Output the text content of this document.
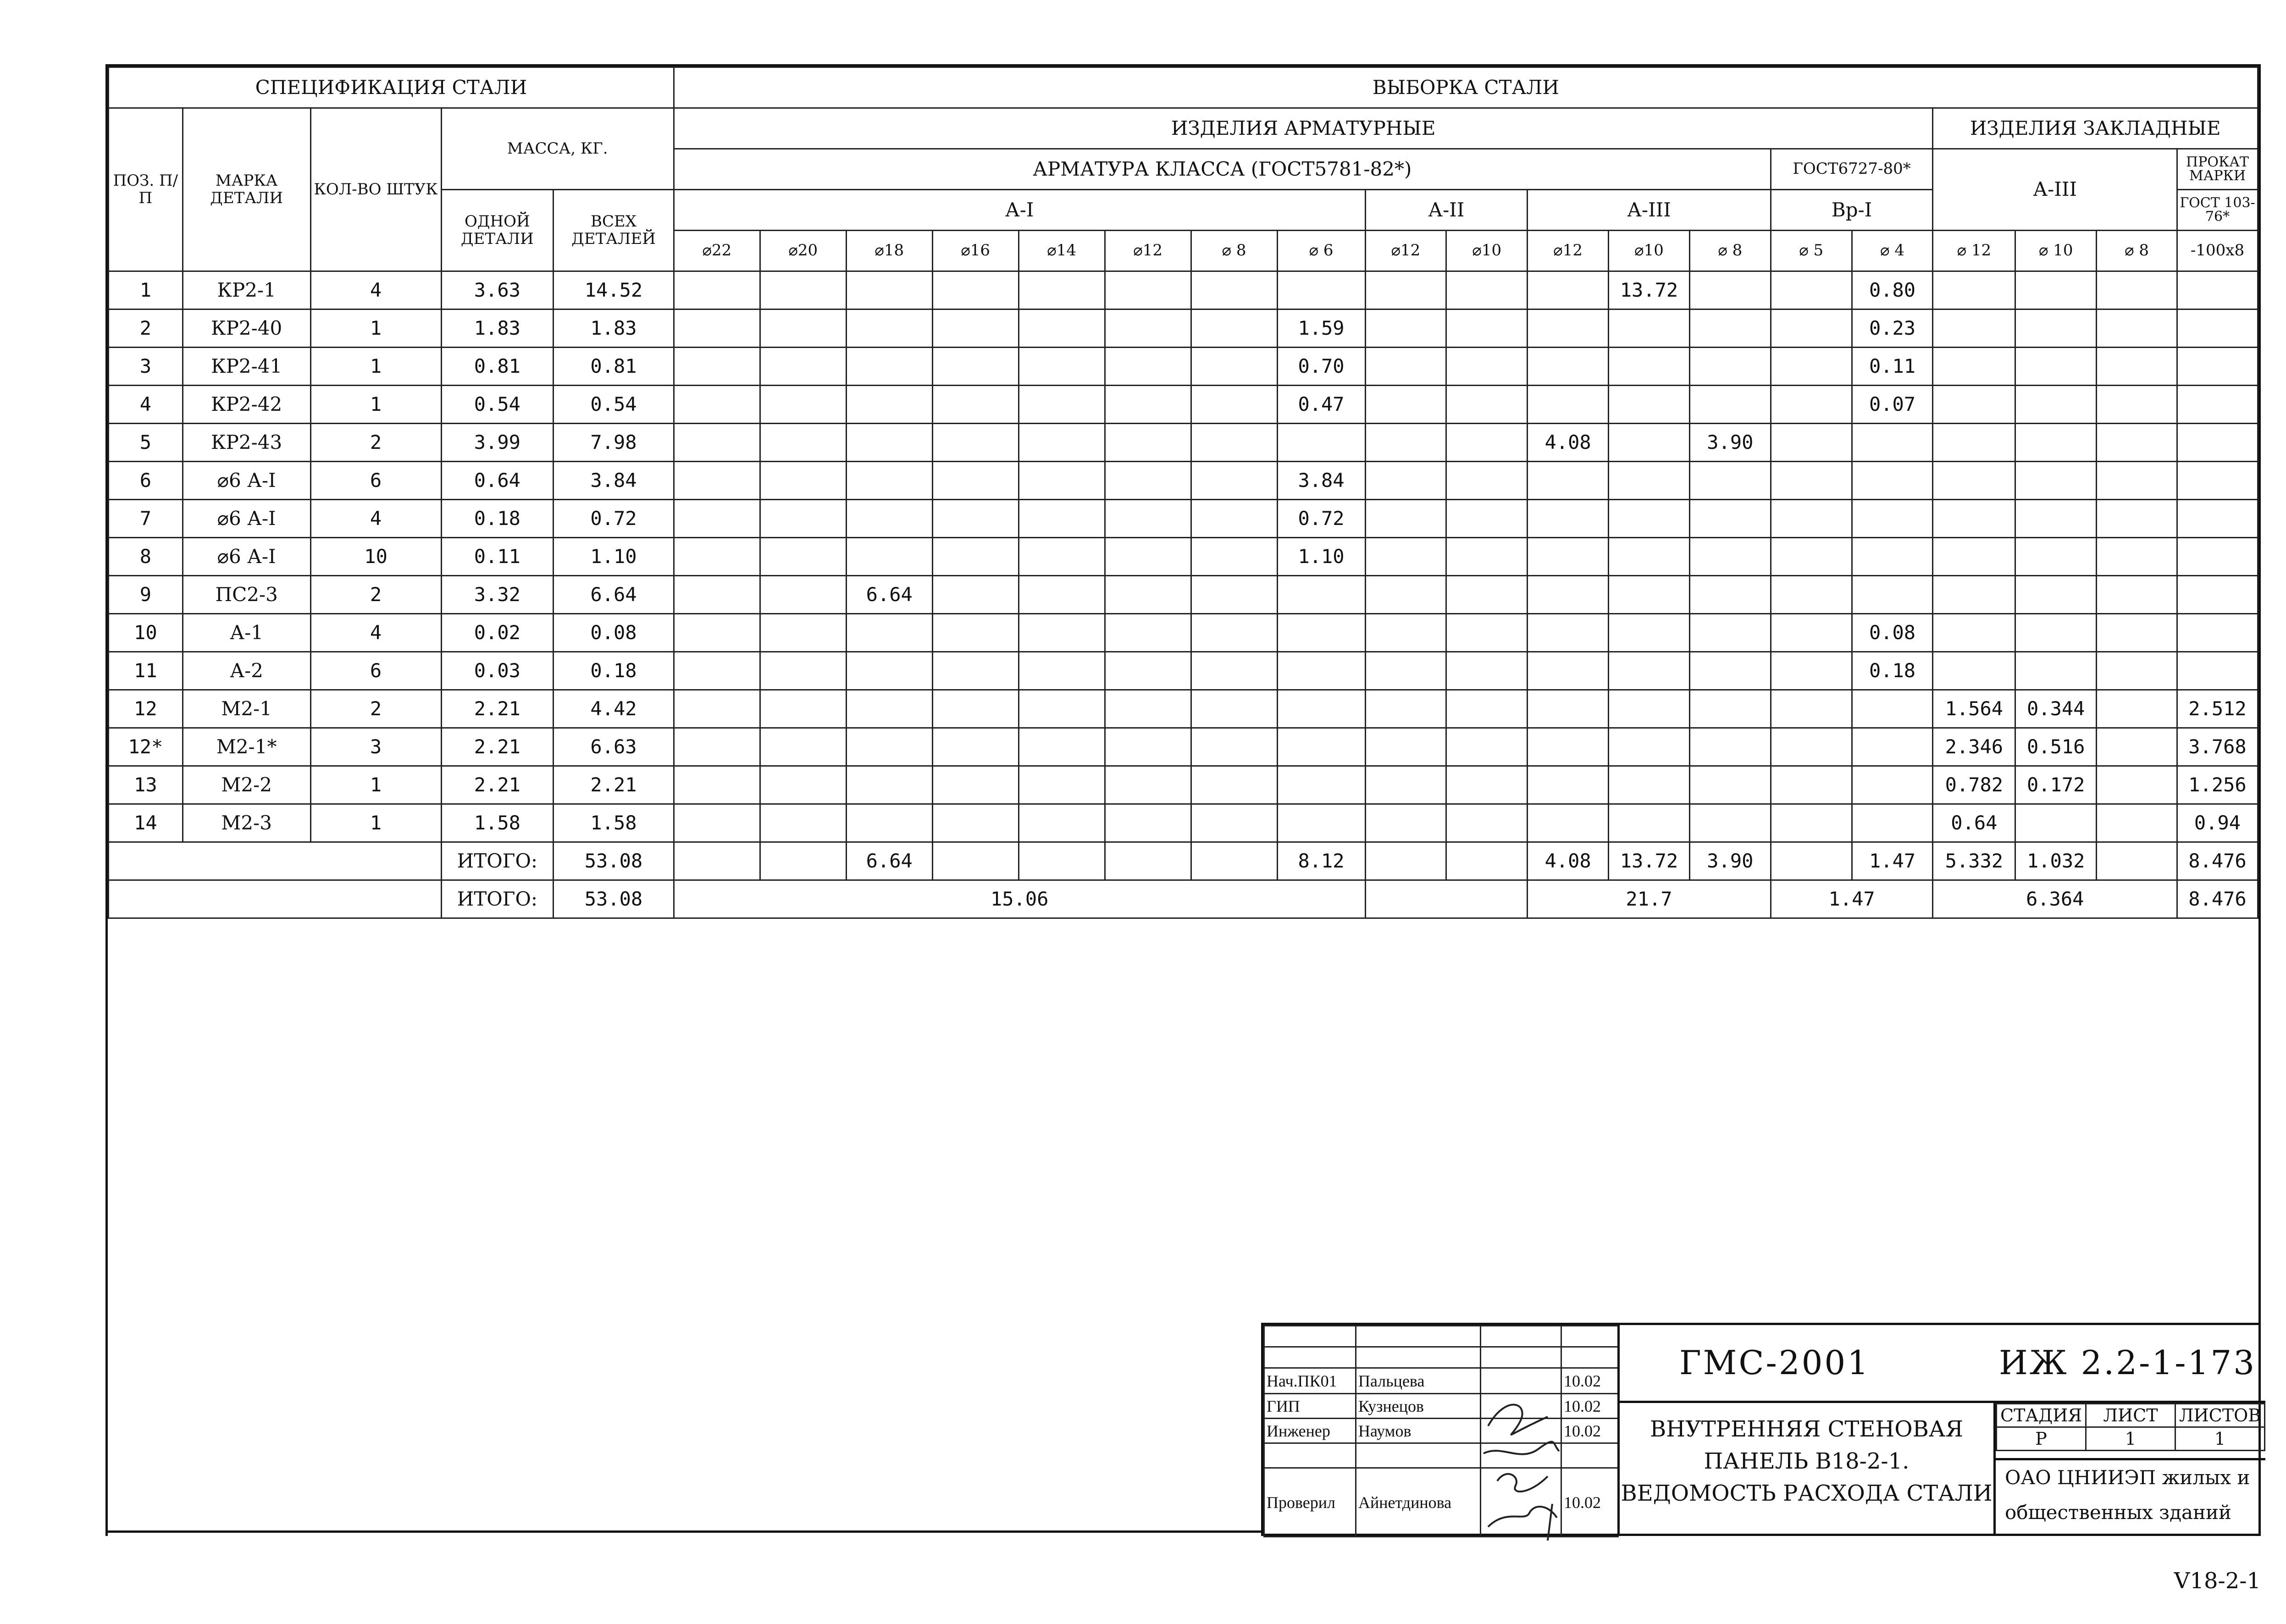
СПЕЦИФИКАЦИЯ СТАЛИ					ВЫБОРКА СТАЛИ																		
ПОЗ. П/П	МАРКА ДЕТАЛИ	КОЛ-ВО ШТУК	МАССА, КГ.		ИЗДЕЛИЯ АРМАТУРНЫЕ															ИЗДЕЛИЯ ЗАКЛАДНЫЕ			
					АРМАТУРА КЛАССА (ГОСТ5781-82*)													ГОСТ6727-80*		А-III			ПРОКАТ МАРКИ
			ОДНОЙ ДЕТАЛИ	ВСЕХ ДЕТАЛЕЙ	А-I								А-II		А-III			Вр-I					ГОСТ 103-76*
					⌀22	⌀20	⌀18	⌀16	⌀14	⌀12	⌀ 8	⌀ 6	⌀12	⌀10	⌀12	⌀10	⌀ 8	⌀ 5	⌀ 4	⌀ 12	⌀ 10	⌀ 8	-100x8
1	КР2-1	4	3.63	14.52												13.72			0.80				
2	КР2-40	1	1.83	1.83								1.59							0.23				
3	КР2-41	1	0.81	0.81								0.70							0.11				
4	КР2-42	1	0.54	0.54								0.47							0.07				
5	КР2-43	2	3.99	7.98											4.08		3.90						
6	⌀6 А-I	6	0.64	3.84								3.84											
7	⌀6 А-I	4	0.18	0.72								0.72											
8	⌀6 А-I	10	0.11	1.10								1.10											
9	ПС2-3	2	3.32	6.64			6.64																
10	А-1	4	0.02	0.08															0.08				
11	А-2	6	0.03	0.18															0.18				
12	М2-1	2	2.21	4.42																1.564	0.344		2.512
12*	М2-1*	3	2.21	6.63																2.346	0.516		3.768
13	М2-2	1	2.21	2.21																0.782	0.172		1.256
14	М2-3	1	1.58	1.58																0.64			0.94
			ИТОГО:	53.08			6.64					8.12			4.08	13.72	3.90		1.47	5.332	1.032		8.476
			ИТОГО:	53.08	15.06										21.7			1.47		6.364			8.476

Нач.ПК01	Пальцева		10.02
ГИП	Кузнецов		10.02
Инженер	Наумов		10.02

Проверил	Айнетдинова		10.02
ГМС-2001	ИЖ 2.2-1-173
ВНУТРЕННЯЯ СТЕНОВАЯ
ПАНЕЛЬ В18-2-1.
ВЕДОМОСТЬ РАСХОДА СТАЛИ
СТАДИЯ	ЛИСТ	ЛИСТОВ
Р	1	1
ОАО ЦНИИЭП жилых и
общественных зданий
V18-2-1
